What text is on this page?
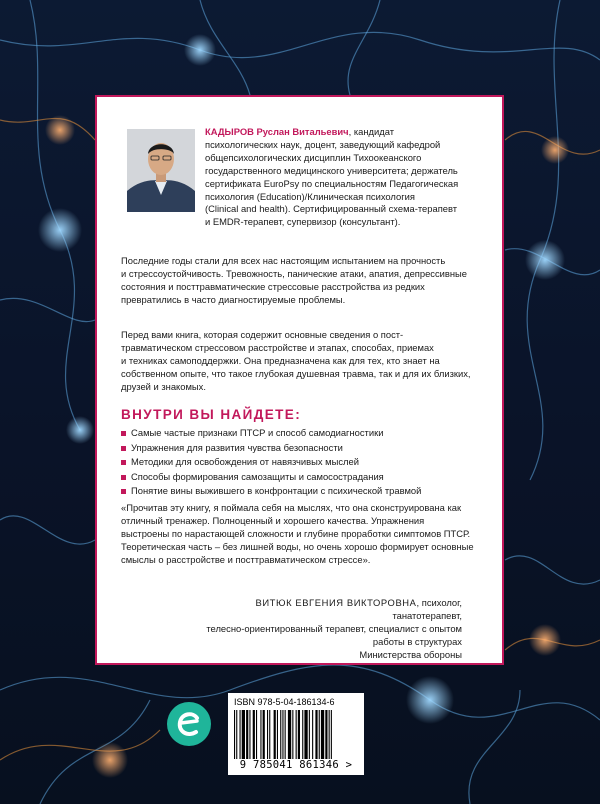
КАДЫРОВ Руслан Витальевич, кандидат
психологических наук, доцент, заведующий кафедрой
общепсихологических дисциплин Тихоокеанского
государственного медицинского университета; держатель
сертификата EuroPsy по специальностям Педагогическая
психология (Education)/Клиническая психология
(Clinical and health). Сертифицированный схема-терапевт
и EMDR-терапевт, супервизор (консультант).
Последние годы стали для всех нас настоящим испытанием на прочность
и стрессоустойчивость. Тревожность, панические атаки, апатия, депрессивные
состояния и посттравматические стрессовые расстройства из редких
превратились в часто диагностируемые проблемы.
Перед вами книга, которая содержит основные сведения о пост-
травматическом стрессовом расстройстве и этапах, способах, приемах
и техниках самоподдержки. Она предназначена как для тех, кто знает на
собственном опыте, что такое глубокая душевная травма, так и для их близких,
друзей и знакомых.
ВНУТРИ ВЫ НАЙДЕТЕ:
Самые частые признаки ПТСР и способ самодиагностики
Упражнения для развития чувства безопасности
Методики для освобождения от навязчивых мыслей
Способы формирования самозащиты и самосострадания
Понятие вины выжившего в конфронтации с психической травмой
«Прочитав эту книгу, я поймала себя на мыслях, что она сконструирована как
отличный тренажер. Полноценный и хорошего качества. Упражнения
выстроены по нарастающей сложности и глубине проработки симптомов ПТСР.
Теоретическая часть – без лишней воды, но очень хорошо формирует основные
смыслы о расстройстве и посттравматическом стрессе».
ВИТЮК ЕВГЕНИЯ ВИКТОРОВНА, психолог, танатотерапевт,
телесно-ориентированный терапевт, специалист с опытом работы в структурах
Министерства обороны
ISBN 978-5-04-186134-6
9 785041 861346 >
